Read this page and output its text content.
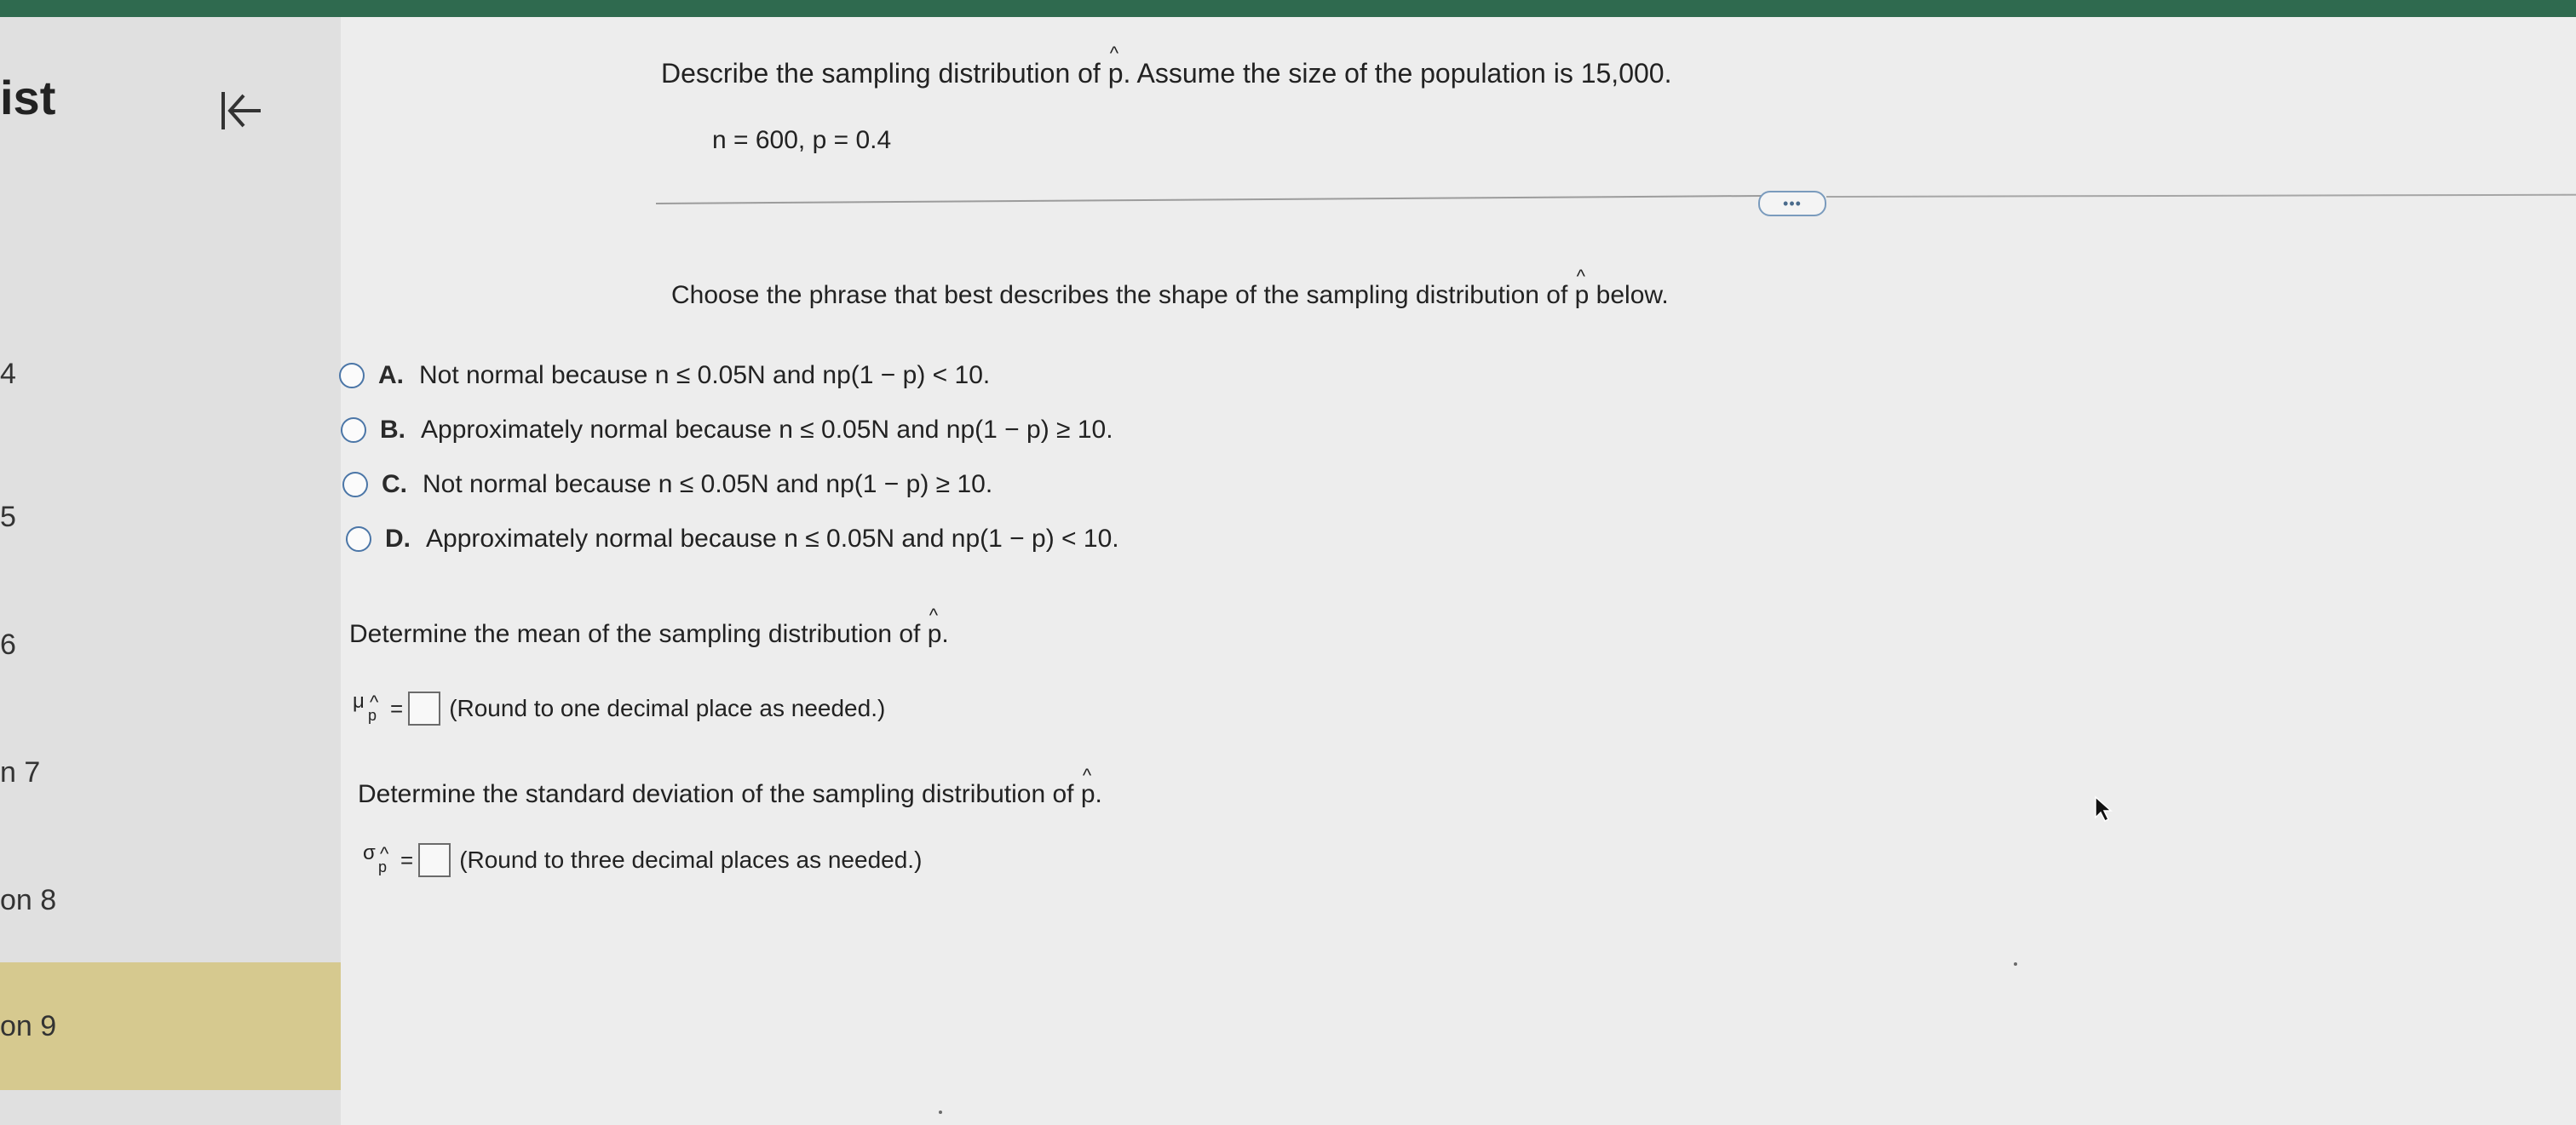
ist
4
5
6
n 7
on 8
on 9
Describe the sampling distribution of ^ p. Assume the size of the population is 15,000.
n = 600, p = 0.4
•••
Choose the phrase that best describes the shape of the sampling distribution of ^ p below.
A. Not normal because n ≤ 0.05N and np(1 − p) < 10.
B. Approximately normal because n ≤ 0.05N and np(1 − p) ≥ 10.
C. Not normal because n ≤ 0.05N and np(1 − p) ≥ 10.
D. Approximately normal because n ≤ 0.05N and np(1 − p) < 10.
Determine the mean of the sampling distribution of ^ p.
μ
^ p = (Round to one decimal place as needed.)
Determine the standard deviation of the sampling distribution of ^ p.
σ
^ p = (Round to three decimal places as needed.)
